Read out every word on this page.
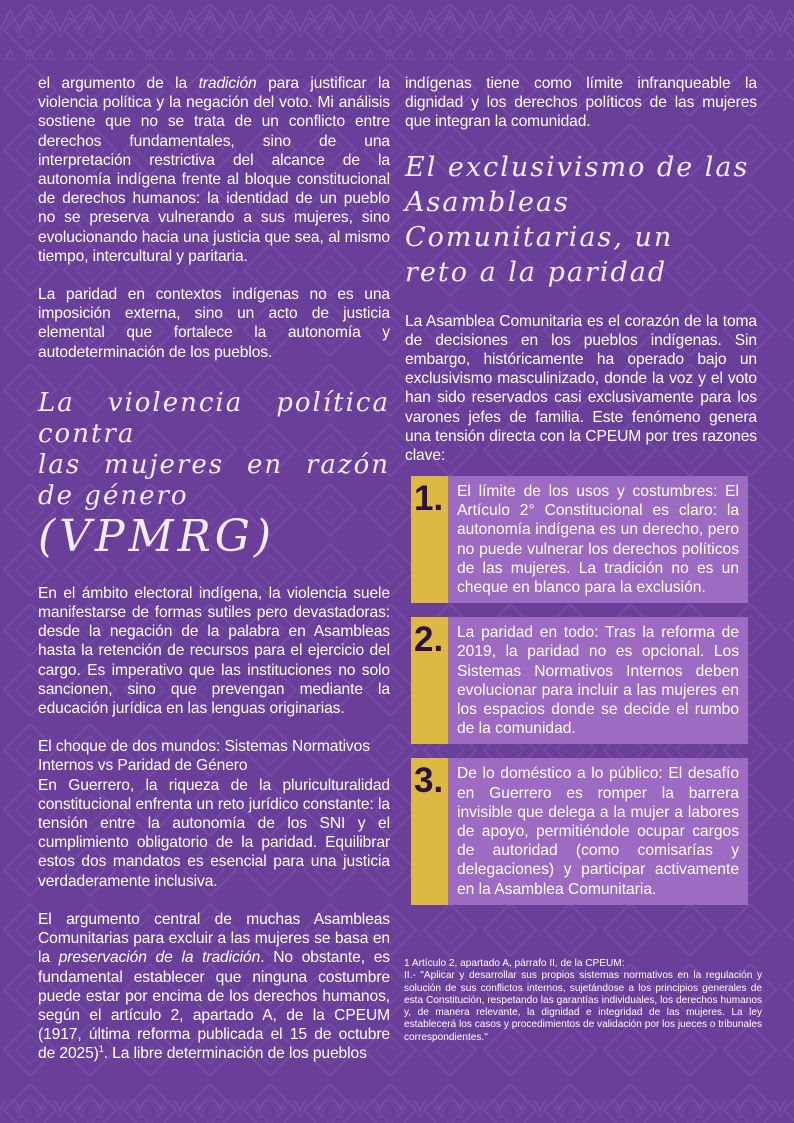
el argumento de la tradición para justificar la violencia política y la negación del voto. Mi análisis sostiene que no se trata de un conflicto entre derechos fundamentales, sino de una interpretación restrictiva del alcance de la autonomía indígena frente al bloque constitucional de derechos humanos: la identidad de un pueblo no se preserva vulnerando a sus mujeres, sino evolucionando hacia una justicia que sea, al mismo tiempo, intercultural y paritaria.

La paridad en contextos indígenas no es una imposición externa, sino un acto de justicia elemental que fortalece la autonomía y autodeterminación de los pueblos.

La violencia política contra
las mujeres en razón de género
(VPMRG)

En el ámbito electoral indígena, la violencia suele manifestarse de formas sutiles pero devastadoras: desde la negación de la palabra en Asambleas hasta la retención de recursos para el ejercicio del cargo. Es imperativo que las instituciones no solo sancionen, sino que prevengan mediante la educación jurídica en las lenguas originarias.

El choque de dos mundos: Sistemas Normativos Internos vs Paridad de Género

En Guerrero, la riqueza de la pluriculturalidad constitucional enfrenta un reto jurídico constante: la tensión entre la autonomía de los SNI y el cumplimiento obligatorio de la paridad. Equilibrar estos dos mandatos es esencial para una justicia verdaderamente inclusiva.

El argumento central de muchas Asambleas Comunitarias para excluir a las mujeres se basa en la preservación de la tradición. No obstante, es fundamental establecer que ninguna costumbre puede estar por encima de los derechos humanos, según el artículo 2, apartado A, de la CPEUM (1917, última reforma publicada el 15 de octubre de 2025)$^1$. La libre determinación de los pueblos

indígenas tiene como límite infranqueable la dignidad y los derechos políticos de las mujeres que integran la comunidad.

El exclusivismo de las
Asambleas Comunitarias, un
reto a la paridad

La Asamblea Comunitaria es el corazón de la toma de decisiones en los pueblos indígenas. Sin embargo, históricamente ha operado bajo un exclusivismo masculinizado, donde la voz y el voto han sido reservados casi exclusivamente para los varones jefes de familia. Este fenómeno genera una tensión directa con la CPEUM por tres razones clave:

1. El límite de los usos y costumbres: El Artículo 2° Constitucional es claro: la autonomía indígena es un derecho, pero no puede vulnerar los derechos políticos de las mujeres. La tradición no es un cheque en blanco para la exclusión.

2. La paridad en todo: Tras la reforma de 2019, la paridad no es opcional. Los Sistemas Normativos Internos deben evolucionar para incluir a las mujeres en los espacios donde se decide el rumbo de la comunidad.

3. De lo doméstico a lo público: El desafío en Guerrero es romper la barrera invisible que delega a la mujer a labores de apoyo, permitiéndole ocupar cargos de autoridad (como comisarías y delegaciones) y participar activamente en la Asamblea Comunitaria.

1 Artículo 2, apartado A, párrafo II, de la CPEUM:

II.- "Aplicar y desarrollar sus propios sistemas normativos en la regulación y solución de sus conflictos internos, sujetándose a los principios generales de esta Constitución, respetando las garantías individuales, los derechos humanos y, de manera relevante, la dignidad e integridad de las mujeres. La ley establecerá los casos y procedimientos de validación por los jueces o tribunales correspondientes."
